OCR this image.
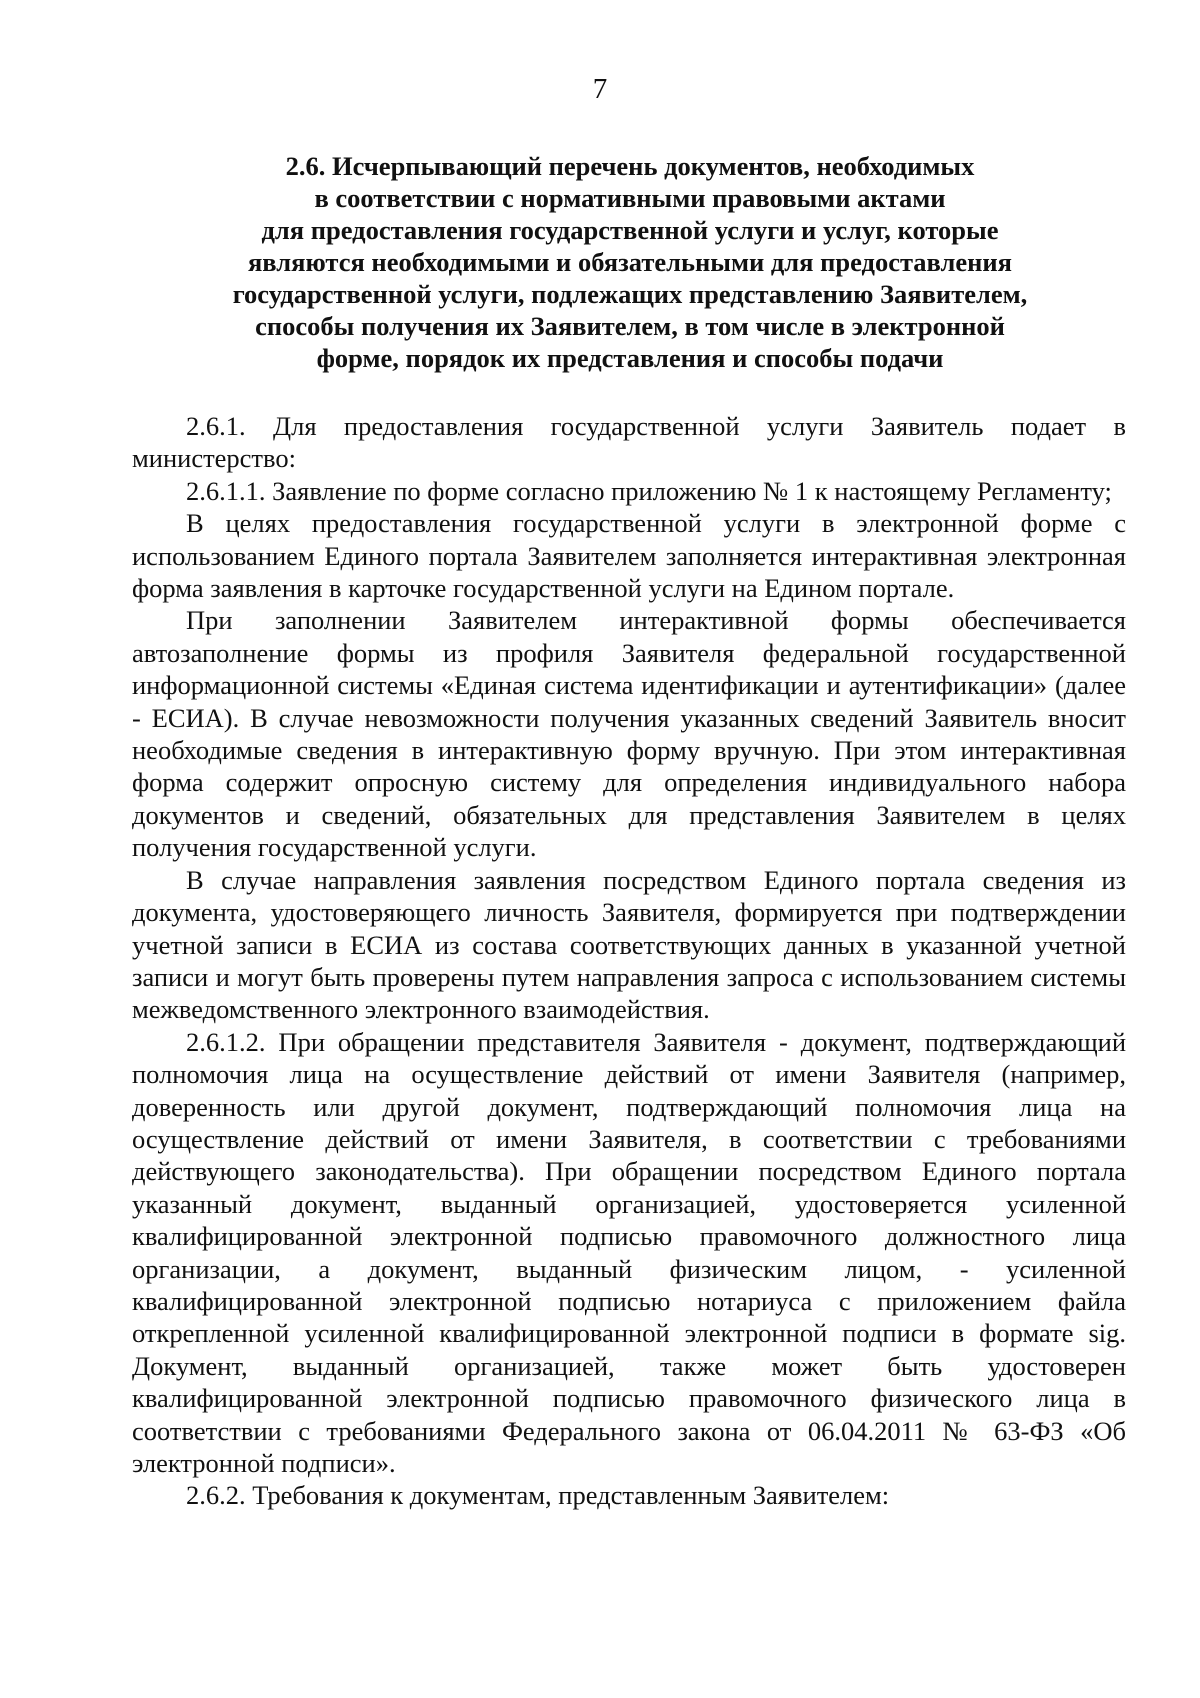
7
2.6. Исчерпывающий перечень документов, необходимых
в соответствии с нормативными правовыми актами
для предоставления государственной услуги и услуг, которые
являются необходимыми и обязательными для предоставления
государственной услуги, подлежащих представлению Заявителем,
способы получения их Заявителем, в том числе в электронной
форме, порядок их представления и способы подачи

2.6.1. Для предоставления государственной услуги Заявитель подает в министерство:

2.6.1.1. Заявление по форме согласно приложению № 1 к настоящему Регламенту;

В целях предоставления государственной услуги в электронной форме с использованием Единого портала Заявителем заполняется интерактивная электронная форма заявления в карточке государственной услуги на Едином портале.

При заполнении Заявителем интерактивной формы обеспечивается автозаполнение формы из профиля Заявителя федеральной государственной информационной системы «Единая система идентификации и аутентификации» (далее - ЕСИА). В случае невозможности получения указанных сведений Заявитель вносит необходимые сведения в интерактивную форму вручную. При этом интерактивная форма содержит опросную систему для определения индивидуального набора документов и сведений, обязательных для представления Заявителем в целях получения государственной услуги.

В случае направления заявления посредством Единого портала сведения из документа, удостоверяющего личность Заявителя, формируется при подтверждении учетной записи в ЕСИА из состава соответствующих данных в указанной учетной записи и могут быть проверены путем направления запроса с использованием системы межведомственного электронного взаимодействия.

2.6.1.2. При обращении представителя Заявителя - документ, подтверждающий полномочия лица на осуществление действий от имени Заявителя (например, доверенность или другой документ, подтверждающий полномочия лица на осуществление действий от имени Заявителя, в соответствии с требованиями действующего законодательства). При обращении посредством Единого портала указанный документ, выданный организацией, удостоверяется усиленной квалифицированной электронной подписью правомочного должностного лица организации, а документ, выданный физическим лицом, - усиленной квалифицированной электронной подписью нотариуса с приложением файла открепленной усиленной квалифицированной электронной подписи в формате sig. Документ, выданный организацией, также может быть удостоверен квалифицированной электронной подписью правомочного физического лица в соответствии с требованиями Федерального закона от 06.04.2011 № 63-ФЗ «Об электронной подписи».

2.6.2. Требования к документам, представленным Заявителем:
